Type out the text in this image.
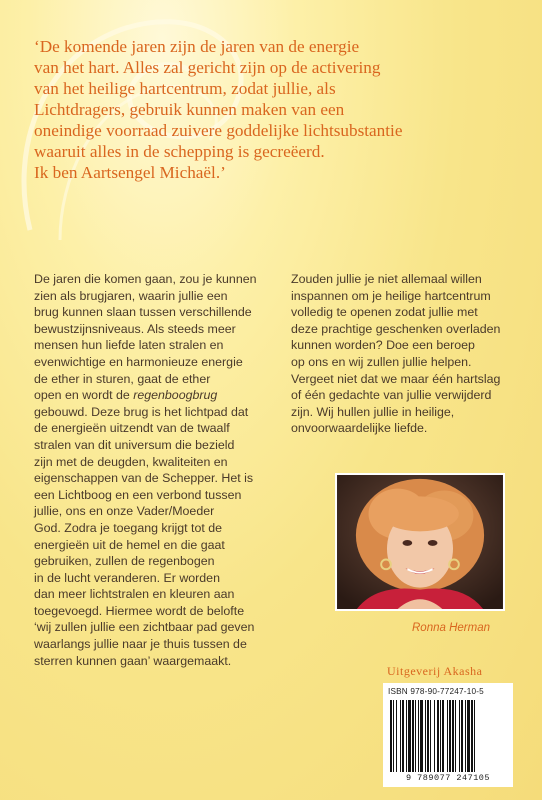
‘De komende jaren zijn de jaren van de energie
van het hart. Alles zal gericht zijn op de activering
van het heilige hartcentrum, zodat jullie, als
Lichtdragers, gebruik kunnen maken van een
oneindige voorraad zuivere goddelijke lichtsubstantie
waaruit alles in de schepping is gecreëerd.
Ik ben Aartsengel Michaël.’
De jaren die komen gaan, zou je kunnen
zien als brugjaren, waarin jullie een
brug kunnen slaan tussen verschillende
bewustzijnsniveaus. Als steeds meer
mensen hun liefde laten stralen en
evenwichtige en harmonieuze energie
de ether in sturen, gaat de ether
open en wordt de regenboogbrug
gebouwd. Deze brug is het lichtpad dat
de energieën uitzendt van de twaalf
stralen van dit universum die bezield
zijn met de deugden, kwaliteiten en
eigenschappen van de Schepper. Het is
een Lichtboog en een verbond tussen
jullie, ons en onze Vader/Moeder
God. Zodra je toegang krijgt tot de
energieën uit de hemel en die gaat
gebruiken, zullen de regenbogen
in de lucht veranderen. Er worden
dan meer lichtstralen en kleuren aan
toegevoegd. Hiermee wordt de belofte
‘wij zullen jullie een zichtbaar pad geven
waarlangs jullie naar je thuis tussen de
sterren kunnen gaan’ waargemaakt.
Zouden jullie je niet allemaal willen
inspannen om je heilige hartcentrum
volledig te openen zodat jullie met
deze prachtige geschenken overladen
kunnen worden? Doe een beroep
op ons en wij zullen jullie helpen.
Vergeet niet dat we maar één hartslag
of één gedachte van jullie verwijderd
zijn. Wij hullen jullie in heilige,
onvoorwaardelijke liefde.
Ronna Herman
Uitgeverij Akasha
ISBN 978-90-77247-10-5
9 789077 247105
